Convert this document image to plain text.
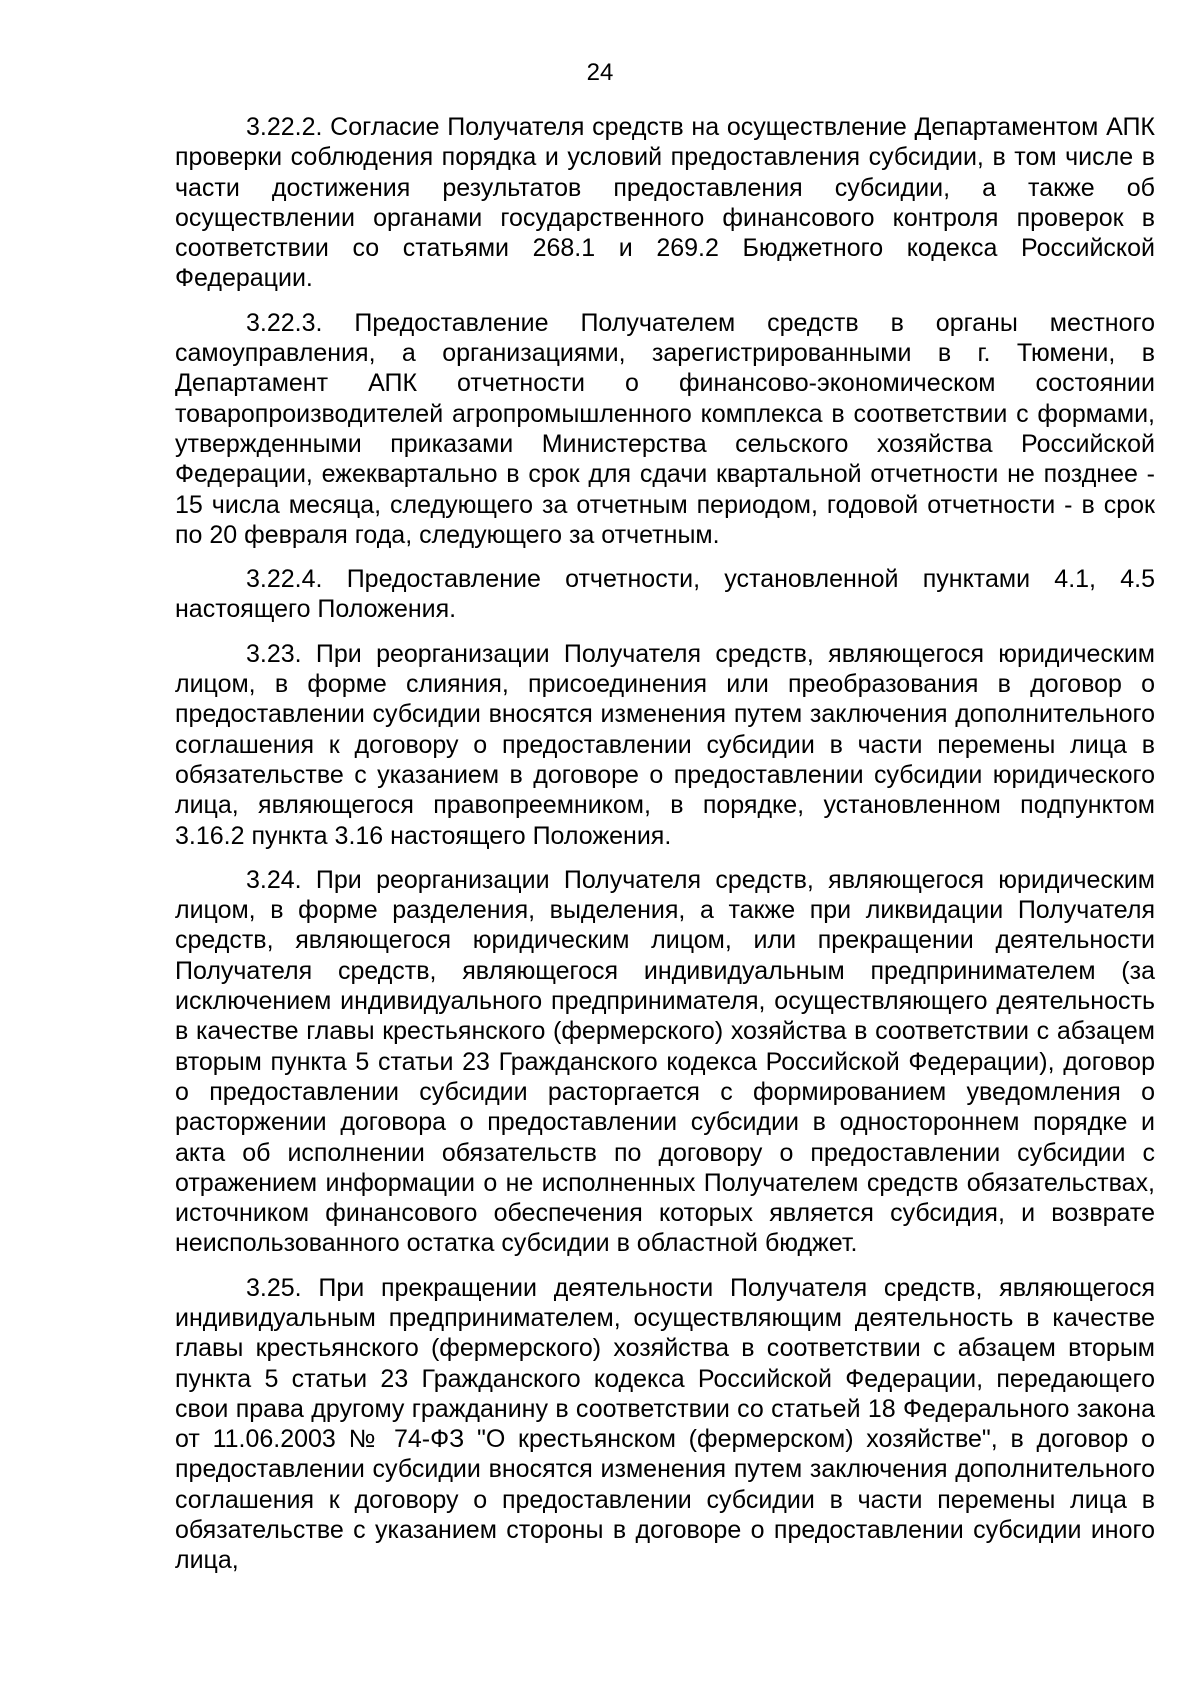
24

3.22.2. Согласие Получателя средств на осуществление Департаментом АПК проверки соблюдения порядка и условий предоставления субсидии, в том числе в части достижения результатов предоставления субсидии, а также об осуществлении органами государственного финансового контроля проверок в соответствии со статьями 268.1 и 269.2 Бюджетного кодекса Российской Федерации.

3.22.3. Предоставление Получателем средств в органы местного самоуправления, а организациями, зарегистрированными в г. Тюмени, в Департамент АПК отчетности о финансово-экономическом состоянии товаропроизводителей агропромышленного комплекса в соответствии с формами, утвержденными приказами Министерства сельского хозяйства Российской Федерации, ежеквартально в срок для сдачи квартальной отчетности не позднее - 15 числа месяца, следующего за отчетным периодом, годовой отчетности - в срок по 20 февраля года, следующего за отчетным.

3.22.4. Предоставление отчетности, установленной пунктами 4.1, 4.5 настоящего Положения.

3.23. При реорганизации Получателя средств, являющегося юридическим лицом, в форме слияния, присоединения или преобразования в договор о предоставлении субсидии вносятся изменения путем заключения дополнительного соглашения к договору о предоставлении субсидии в части перемены лица в обязательстве с указанием в договоре о предоставлении субсидии юридического лица, являющегося правопреемником, в порядке, установленном подпунктом 3.16.2 пункта 3.16 настоящего Положения.

3.24. При реорганизации Получателя средств, являющегося юридическим лицом, в форме разделения, выделения, а также при ликвидации Получателя средств, являющегося юридическим лицом, или прекращении деятельности Получателя средств, являющегося индивидуальным предпринимателем (за исключением индивидуального предпринимателя, осуществляющего деятельность в качестве главы крестьянского (фермерского) хозяйства в соответствии с абзацем вторым пункта 5 статьи 23 Гражданского кодекса Российской Федерации), договор о предоставлении субсидии расторгается с формированием уведомления о расторжении договора о предоставлении субсидии в одностороннем порядке и акта об исполнении обязательств по договору о предоставлении субсидии с отражением информации о не исполненных Получателем средств обязательствах, источником финансового обеспечения которых является субсидия, и возврате неиспользованного остатка субсидии в областной бюджет.

3.25. При прекращении деятельности Получателя средств, являющегося индивидуальным предпринимателем, осуществляющим деятельность в качестве главы крестьянского (фермерского) хозяйства в соответствии с абзацем вторым пункта 5 статьи 23 Гражданского кодекса Российской Федерации, передающего свои права другому гражданину в соответствии со статьей 18 Федерального закона от 11.06.2003 № 74-ФЗ "О крестьянском (фермерском) хозяйстве", в договор о предоставлении субсидии вносятся изменения путем заключения дополнительного соглашения к договору о предоставлении субсидии в части перемены лица в обязательстве с указанием стороны в договоре о предоставлении субсидии иного лица,
